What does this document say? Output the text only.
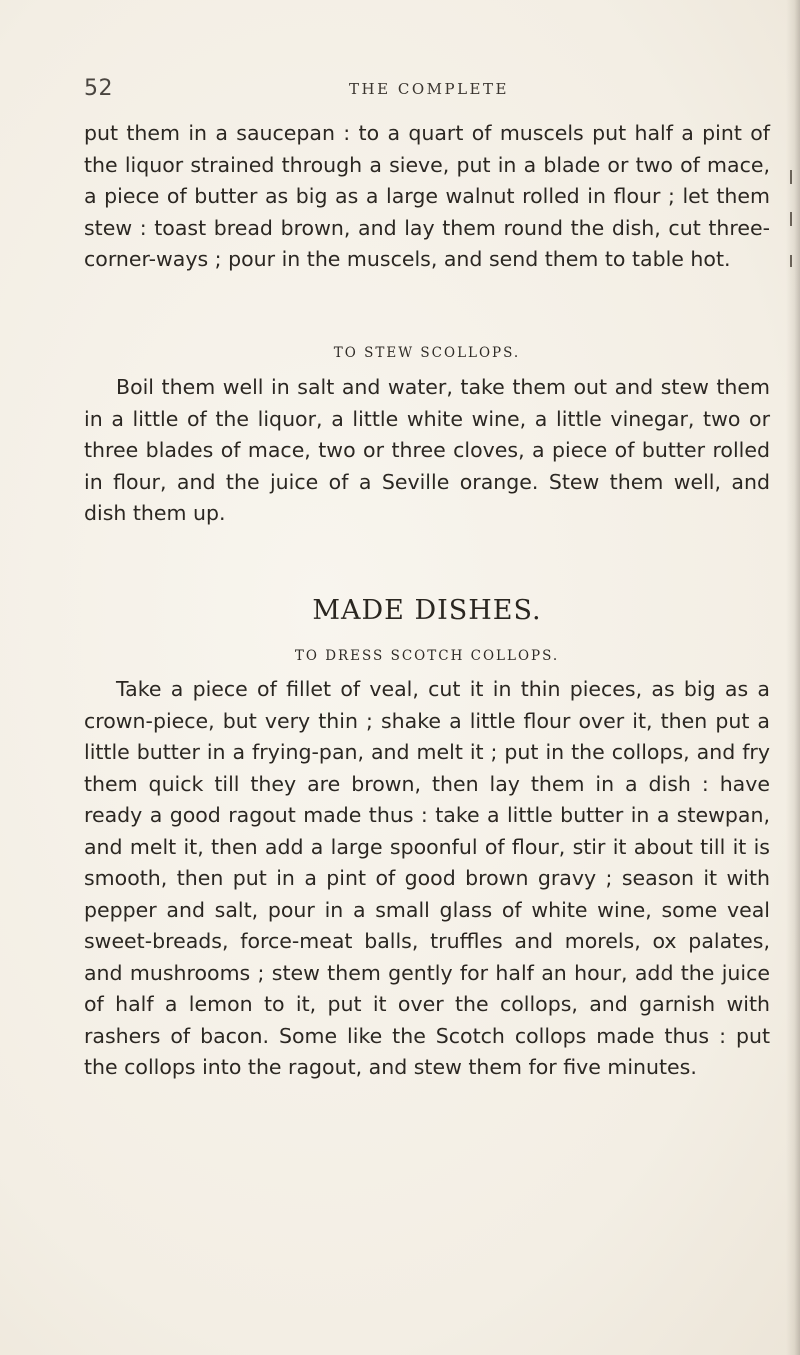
52	THE COMPLETE

put them in a saucepan : to a quart of muscels put half a pint of the liquor strained through a sieve, put in a blade or two of mace, a piece of butter as big as a large walnut rolled in flour ; let them stew : toast bread brown, and lay them round the dish, cut three-corner-ways ; pour in the muscels, and send them to table hot.

TO STEW SCOLLOPS.

Boil them well in salt and water, take them out and stew them in a little of the liquor, a little white wine, a little vinegar, two or three blades of mace, two or three cloves, a piece of butter rolled in flour, and the juice of a Seville orange. Stew them well, and dish them up.

MADE DISHES.
TO DRESS SCOTCH COLLOPS.

Take a piece of fillet of veal, cut it in thin pieces, as big as a crown-piece, but very thin ; shake a little flour over it, then put a little butter in a frying-pan, and melt it ; put in the collops, and fry them quick till they are brown, then lay them in a dish : have ready a good ragout made thus : take a little butter in a stewpan, and melt it, then add a large spoonful of flour, stir it about till it is smooth, then put in a pint of good brown gravy ; season it with pepper and salt, pour in a small glass of white wine, some veal sweet-breads, force-meat balls, truffles and morels, ox palates, and mushrooms ; stew them gently for half an hour, add the juice of half a lemon to it, put it over the collops, and garnish with rashers of bacon. Some like the Scotch collops made thus : put the collops into the ragout, and stew them for five minutes.
